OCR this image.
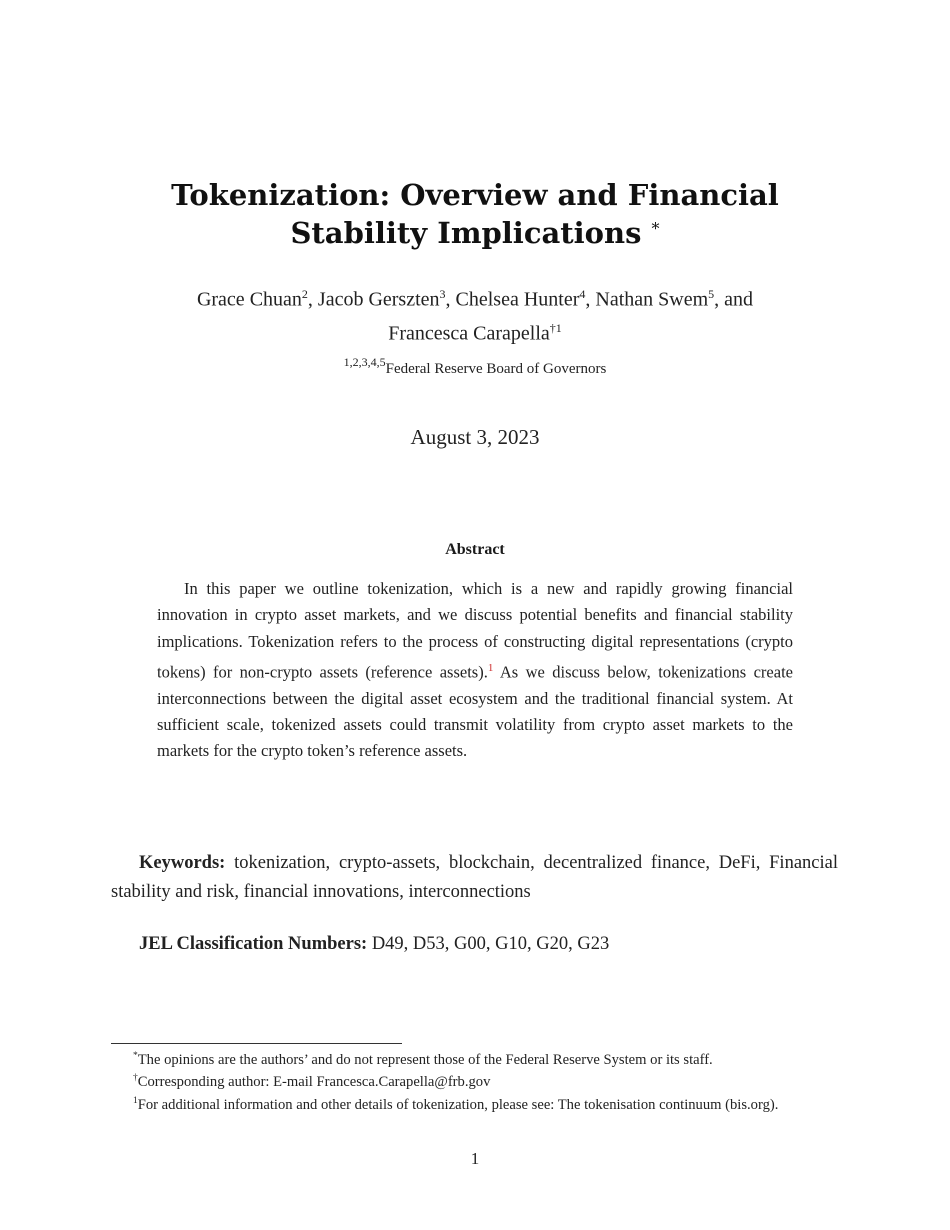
Tokenization: Overview and Financial
Stability Implications *
Grace Chuan$^2$, Jacob Gerszten$^3$, Chelsea Hunter$^4$, Nathan Swem$^5$, and
Francesca Carapella$^{\dagger 1}$
$^{1,2,3,4,5}$Federal Reserve Board of Governors
August 3, 2023
Abstract
In this paper we outline tokenization, which is a new and rapidly growing financial innovation in crypto asset markets, and we discuss potential benefits and financial stability implications. Tokenization refers to the process of constructing digital representations (crypto tokens) for non-crypto assets (reference assets).$^1$ As we discuss below, tokenizations create interconnections between the digital asset ecosystem and the traditional financial system. At sufficient scale, tokenized assets could transmit volatility from crypto asset markets to the markets for the crypto token’s reference assets.
Keywords: tokenization, crypto-assets, blockchain, decentralized finance, DeFi, Financial stability and risk, financial innovations, interconnections
JEL Classification Numbers: D49, D53, G00, G10, G20, G23
*The opinions are the authors’ and do not represent those of the Federal Reserve System or its staff.
†Corresponding author: E-mail Francesca.Carapella@frb.gov
$^1$For additional information and other details of tokenization, please see: The tokenisation continuum (bis.org).
1
